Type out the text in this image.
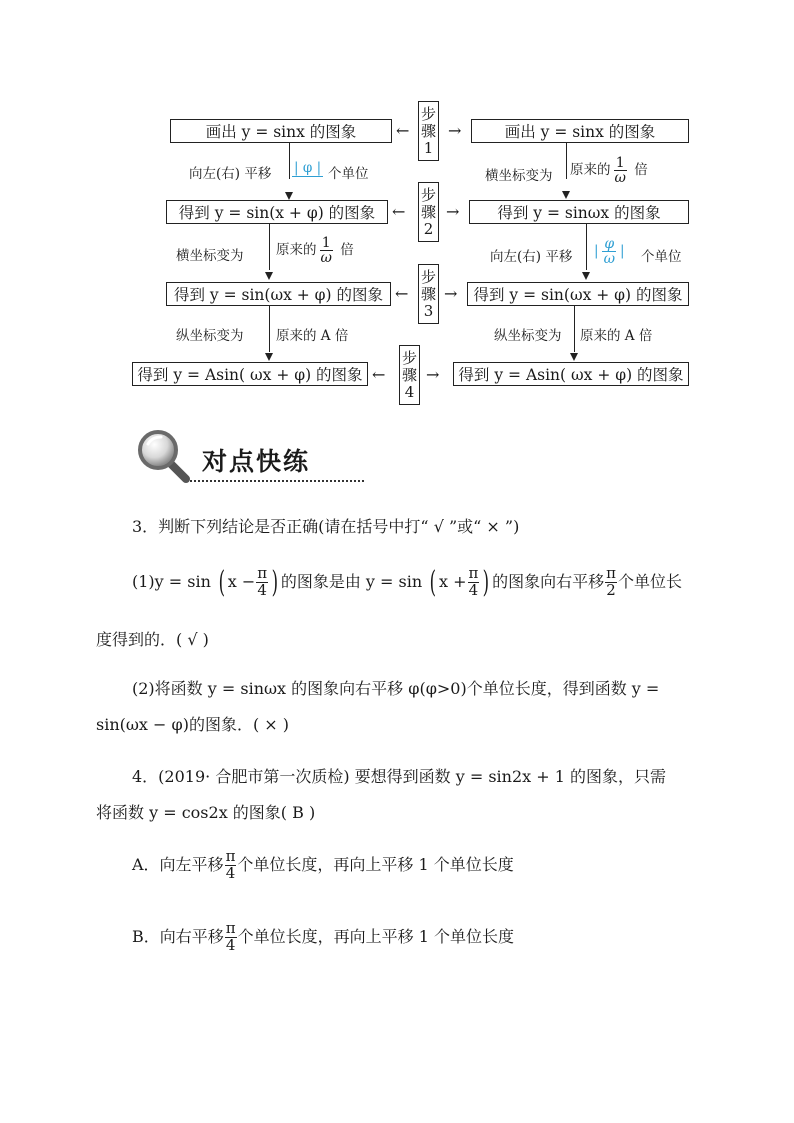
画出 y = sinx 的图象
向左(右) 平移 | φ | 个单位
得到 y = sin(x + φ) 的图象
横坐标变为 原来的 $\frac{1}{\omega}$ 倍
得到 y = sin(ωx + φ) 的图象
纵坐标变为 原来的 A 倍
得到 y = Asin( ωx + φ) 的图象
步
骤
1
← →
步
骤
2
←	→
步
骤
3
← →
步
骤
4
←	→
画出 y = sinx 的图象
横坐标变为 原来的 $\frac{1}{\omega}$ 倍
得到 y = sinωx 的图象
向左(右) 平移 | $\frac{\varphi}{\omega}$ | 个单位
得到 y = sin(ωx + φ) 的图象
纵坐标变为 原来的 A 倍
得到 y = Asin( ωx + φ) 的图象
对点快练
3．判断下列结论是否正确(请在括号中打“ √ ”或“ × ”)
(1)y = sin ( $x - \frac{\pi}{4}$ ) 的图象是由 y = sin ( $x + \frac{\pi}{4}$ ) 的图象向右平移 $\frac{\pi}{2}$ 个单位长
度得到的．( √ )
(2)将函数 y = sinωx 的图象向右平移 φ(φ>0)个单位长度，得到函数 y =
sin(ωx − φ)的图象．( × )
4．(2019· 合肥市第一次质检) 要想得到函数 y = sin2x + 1 的图象，只需
将函数 y = cos2x 的图象( B )
A．向左平移 $\frac{\pi}{4}$ 个单位长度，再向上平移 1 个单位长度
B．向右平移 $\frac{\pi}{4}$ 个单位长度，再向上平移 1 个单位长度
